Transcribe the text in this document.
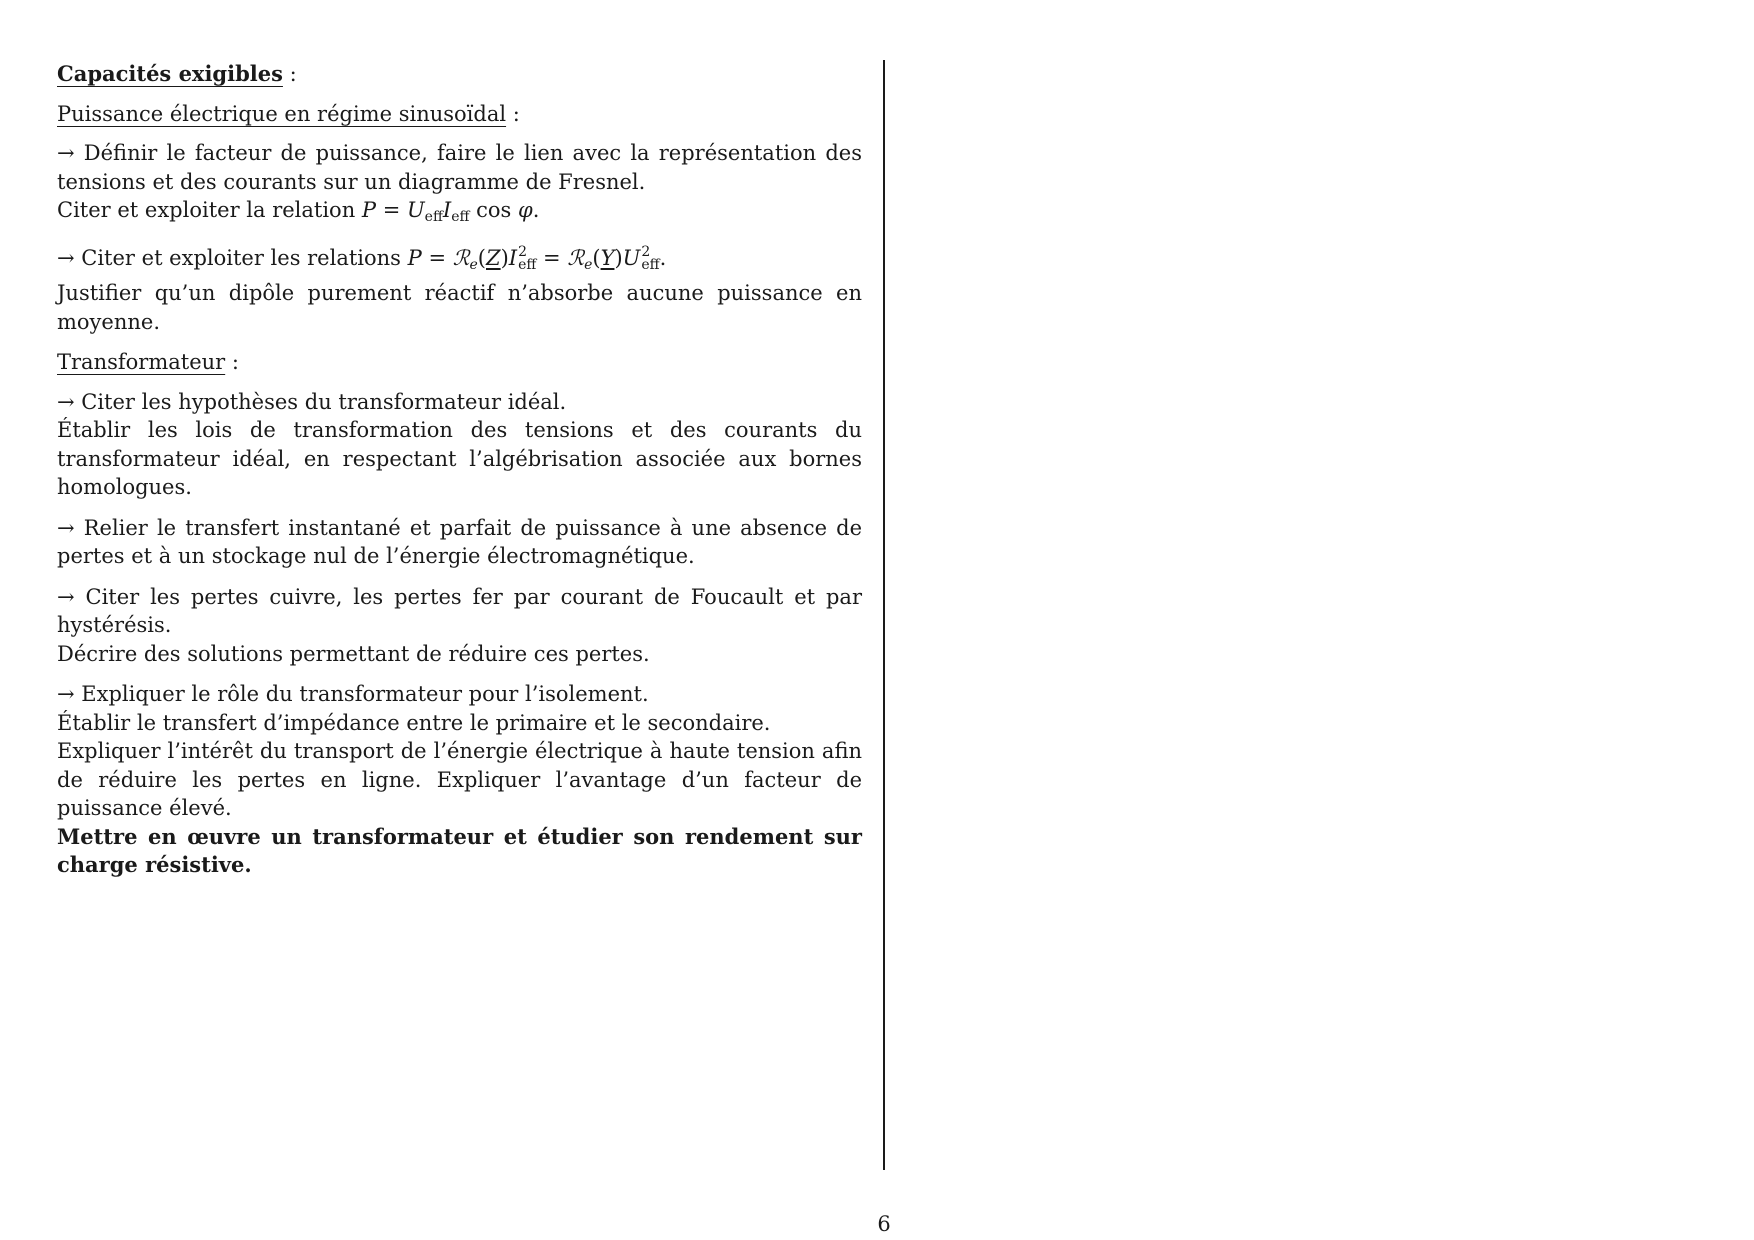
Capacités exigibles :
Puissance électrique en régime sinusoïdal :
→ Définir le facteur de puissance, faire le lien avec la représentation des tensions et des courants sur un diagramme de Fresnel.
Citer et exploiter la relation $P = U_{eff}I_{eff}$ cos φ.
→ Citer et exploiter les relations P = ℛ$_e$(Z)I 2
eff = ℛ$_e$(Y)U 2
eff .
Justifier qu’un dipôle purement réactif n’absorbe aucune puissance en moyenne.
Transformateur :
→ Citer les hypothèses du transformateur idéal.
Établir les lois de transformation des tensions et des courants du transformateur idéal, en respectant l’algébrisation associée aux bornes homologues.
→ Relier le transfert instantané et parfait de puissance à une absence de pertes et à un stockage nul de l’énergie électromagnétique.
→ Citer les pertes cuivre, les pertes fer par courant de Foucault et par hystérésis.
Décrire des solutions permettant de réduire ces pertes.
→ Expliquer le rôle du transformateur pour l’isolement.
Établir le transfert d’impédance entre le primaire et le secondaire.
Expliquer l’intérêt du transport de l’énergie électrique à haute tension afin de réduire les pertes en ligne. Expliquer l’avantage d’un facteur de puissance élevé.
Mettre en œuvre un transformateur et étudier son rendement sur charge résistive.
6
